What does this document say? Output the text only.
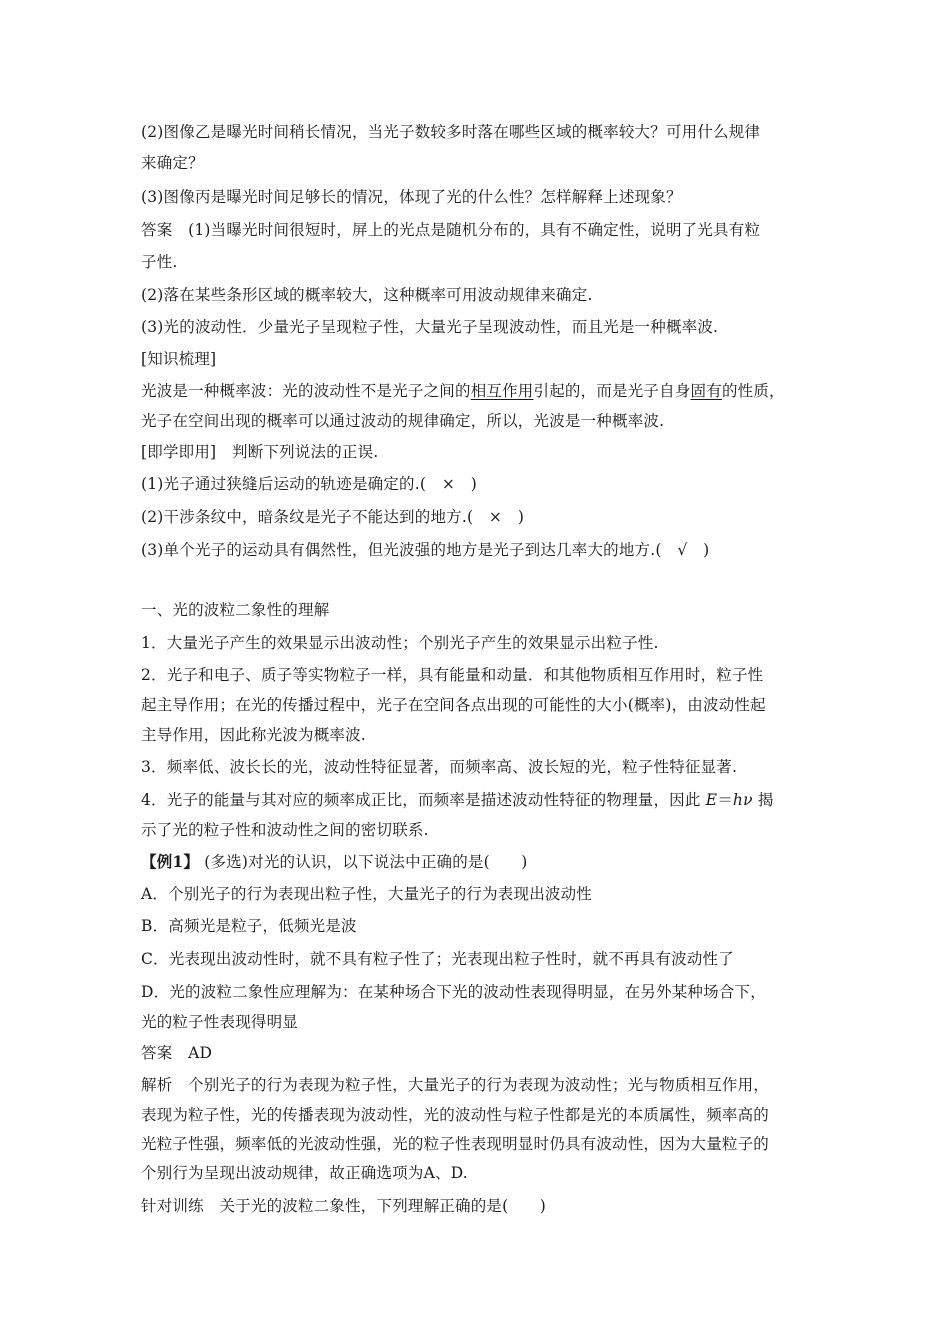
(2)图像乙是曝光时间稍长情况，当光子数较多时落在哪些区域的概率较大？可用什么规律
来确定？
(3)图像丙是曝光时间足够长的情况，体现了光的什么性？怎样解释上述现象？
答案　(1)当曝光时间很短时，屏上的光点是随机分布的，具有不确定性，说明了光具有粒
子性.
(2)落在某些条形区域的概率较大，这种概率可用波动规律来确定.
(3)光的波动性．少量光子呈现粒子性，大量光子呈现波动性，而且光是一种概率波.
[知识梳理]
光波是一种概率波：光的波动性不是光子之间的相互作用引起的，而是光子自身固有的性质，
光子在空间出现的概率可以通过波动的规律确定，所以，光波是一种概率波.
[即学即用]　判断下列说法的正误.
(1)光子通过狭缝后运动的轨迹是确定的.(　×　)
(2)干涉条纹中，暗条纹是光子不能达到的地方.(　×　)
(3)单个光子的运动具有偶然性，但光波强的地方是光子到达几率大的地方.(　√　)
一、光的波粒二象性的理解
1．大量光子产生的效果显示出波动性；个别光子产生的效果显示出粒子性.
2．光子和电子、质子等实物粒子一样，具有能量和动量．和其他物质相互作用时，粒子性
起主导作用；在光的传播过程中，光子在空间各点出现的可能性的大小(概率)，由波动性起
主导作用，因此称光波为概率波.
3．频率低、波长长的光，波动性特征显著，而频率高、波长短的光，粒子性特征显著.
4．光子的能量与其对应的频率成正比，而频率是描述波动性特征的物理量，因此 E＝hν 揭
示了光的粒子性和波动性之间的密切联系.
【例1】 (多选)对光的认识，以下说法中正确的是(　　)
A．个别光子的行为表现出粒子性，大量光子的行为表现出波动性
B．高频光是粒子，低频光是波
C．光表现出波动性时，就不具有粒子性了；光表现出粒子性时，就不再具有波动性了
D．光的波粒二象性应理解为：在某种场合下光的波动性表现得明显，在另外某种场合下，
光的粒子性表现得明显
答案　AD
解析　个别光子的行为表现为粒子性，大量光子的行为表现为波动性；光与物质相互作用，
表现为粒子性，光的传播表现为波动性，光的波动性与粒子性都是光的本质属性，频率高的
光粒子性强，频率低的光波动性强，光的粒子性表现明显时仍具有波动性，因为大量粒子的
个别行为呈现出波动规律，故正确选项为A、D.
针对训练　关于光的波粒二象性，下列理解正确的是(　　)
